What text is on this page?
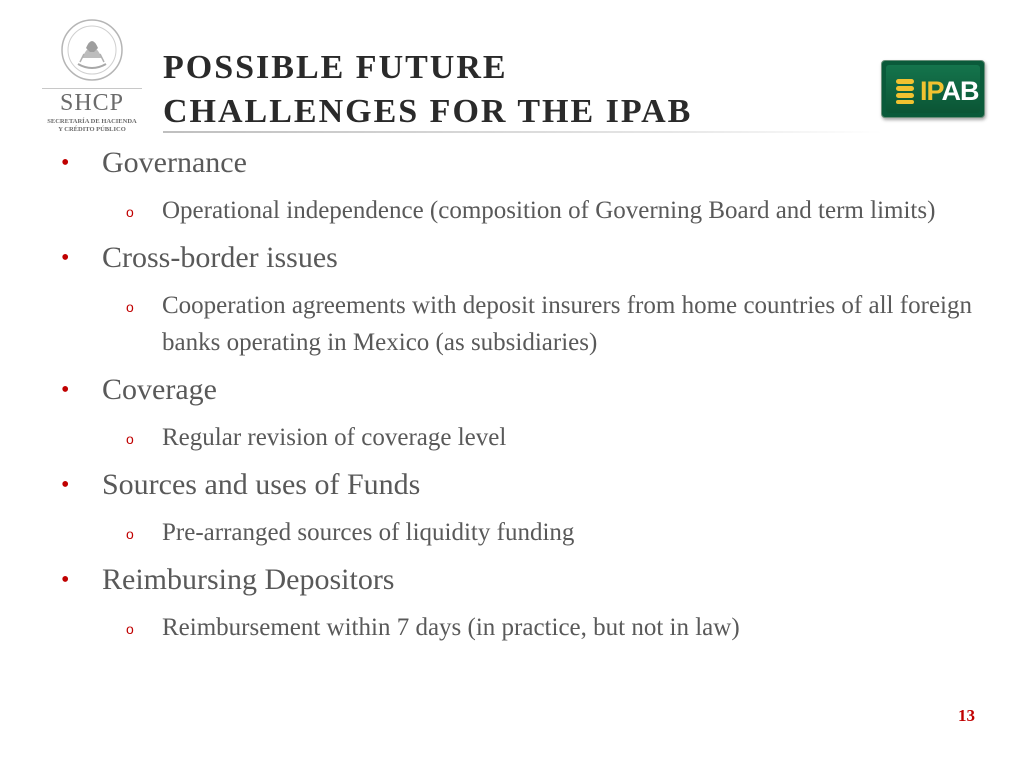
SHCP
SECRETARÍA DE HACIENDA
Y CRÉDITO PÚBLICO
POSSIBLE FUTURE
CHALLENGES FOR THE IPAB
IPAB

• Governance

o Operational independence (composition of Governing Board and term limits)

• Cross-border issues

o Cooperation agreements with deposit insurers from home countries of all foreign banks operating in Mexico (as subsidiaries)

• Coverage

o Regular revision of coverage level

• Sources and uses of Funds

o Pre-arranged sources of liquidity funding

• Reimbursing Depositors

o Reimbursement within 7 days (in practice, but not in law)

13
